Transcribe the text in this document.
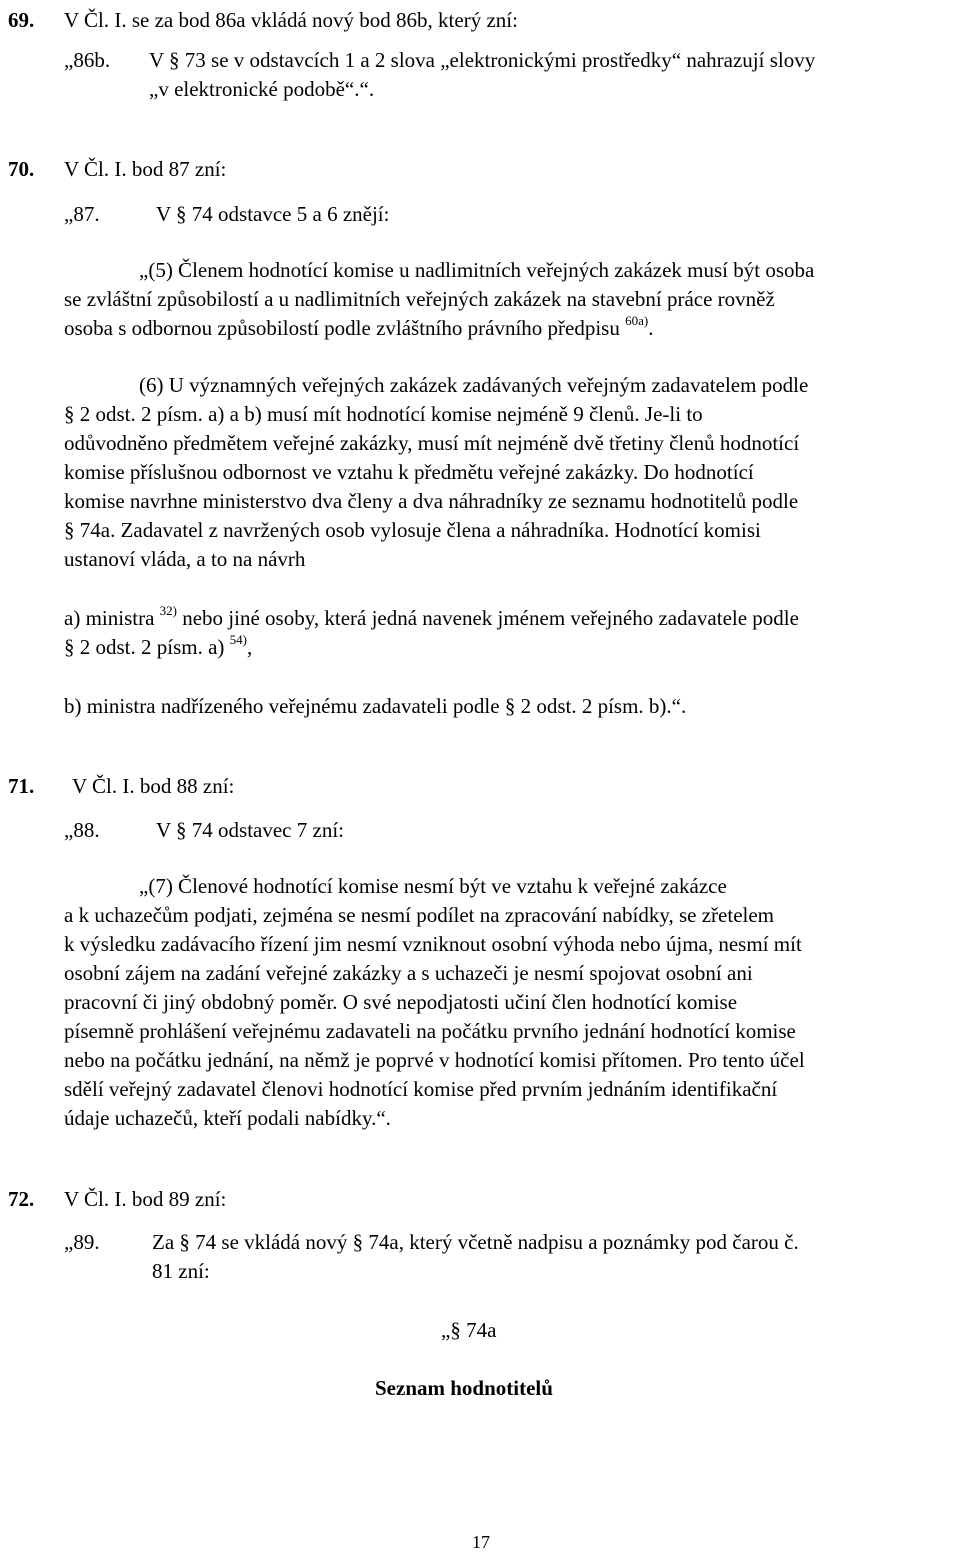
69. V Čl. I. se za bod 86a vkládá nový bod 86b, který zní:
„86b. V § 73 se v odstavcích 1 a 2 slova „elektronickými prostředky“ nahrazují slovy
„v elektronické podobě“.“.
70. V Čl. I. bod 87 zní:
„87.	V § 74 odstavce 5 a 6 znějí:
„(5) Členem hodnotící komise u nadlimitních veřejných zakázek musí být osoba
se zvláštní způsobilostí a u nadlimitních veřejných zakázek na stavební práce rovněž
osoba s odbornou způsobilostí podle zvláštního právního předpisu $^{60a)}$.
(6) U významných veřejných zakázek zadávaných veřejným zadavatelem podle
§ 2 odst. 2 písm. a) a b) musí mít hodnotící komise nejméně 9 členů. Je-li to
odůvodněno předmětem veřejné zakázky, musí mít nejméně dvě třetiny členů hodnotící
komise příslušnou odbornost ve vztahu k předmětu veřejné zakázky. Do hodnotící
komise navrhne ministerstvo dva členy a dva náhradníky ze seznamu hodnotitelů podle
§ 74a. Zadavatel z navržených osob vylosuje člena a náhradníka. Hodnotící komisi
ustanoví vláda, a to na návrh
a) ministra $^{32)}$ nebo jiné osoby, která jedná navenek jménem veřejného zadavatele podle
§ 2 odst. 2 písm. a) $^{54)}$,
b) ministra nadřízeného veřejnému zadavateli podle § 2 odst. 2 písm. b).“.
71. V Čl. I. bod 88 zní:
„88.	V § 74 odstavec 7 zní:
„(7) Členové hodnotící komise nesmí být ve vztahu k veřejné zakázce
a k uchazečům podjati, zejména se nesmí podílet na zpracování nabídky, se zřetelem
k výsledku zadávacího řízení jim nesmí vzniknout osobní výhoda nebo újma, nesmí mít
osobní zájem na zadání veřejné zakázky a s uchazeči je nesmí spojovat osobní ani
pracovní či jiný obdobný poměr. O své nepodjatosti učiní člen hodnotící komise
písemně prohlášení veřejnému zadavateli na počátku prvního jednání hodnotící komise
nebo na počátku jednání, na němž je poprvé v hodnotící komisi přítomen. Pro tento účel
sdělí veřejný zadavatel členovi hodnotící komise před prvním jednáním identifikační
údaje uchazečů, kteří podali nabídky.“.
72. V Čl. I. bod 89 zní:
„89. Za § 74 se vkládá nový § 74a, který včetně nadpisu a poznámky pod čarou č.
81 zní:
„§ 74a
Seznam hodnotitelů
17
